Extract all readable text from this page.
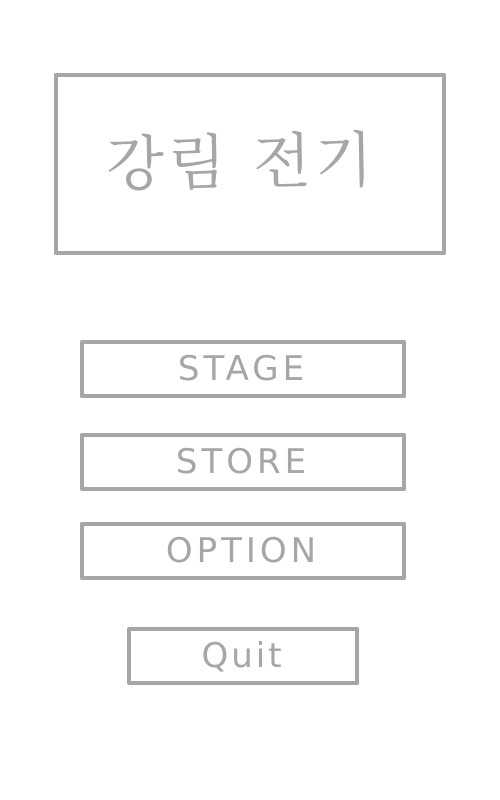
강림 전기
STAGE
STORE
OPTION
Quit
